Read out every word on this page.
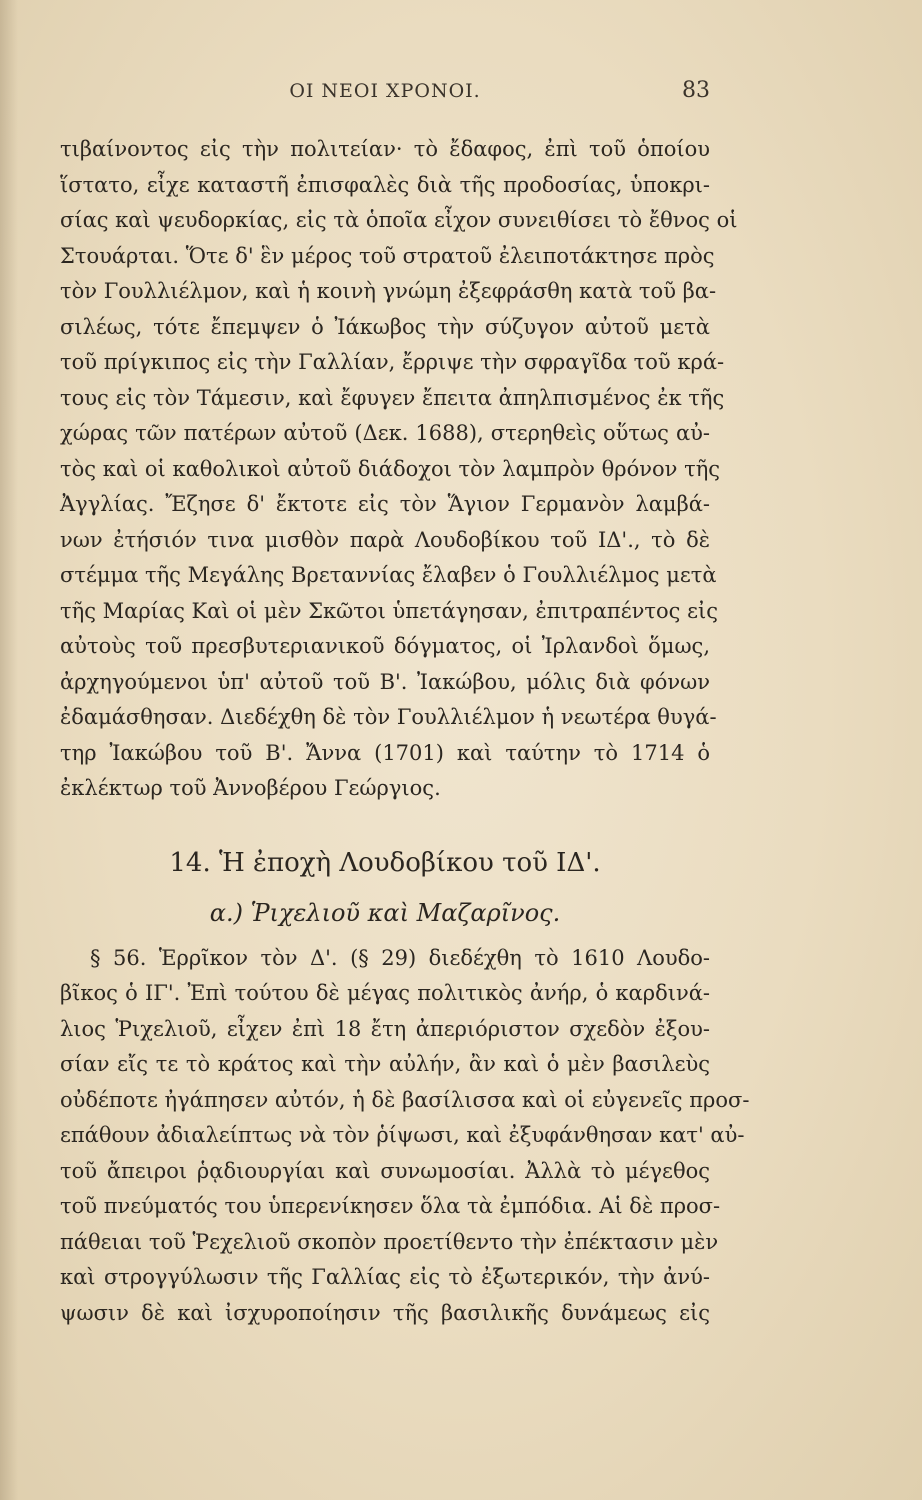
ΟΙ ΝΕΟΙ ΧΡΟΝΟΙ.	83
τιβαίνοντος εἰς τὴν πολιτείαν· τὸ ἔδαφος, ἐπὶ τοῦ ὁποίου
ἵστατο, εἶχε καταστῆ ἐπισφαλὲς διὰ τῆς προδοσίας, ὑποκρι-
σίας καὶ ψευδορκίας, εἰς τὰ ὁποῖα εἶχον συνειθίσει τὸ ἔθνος οἱ
Στουάρται. Ὅτε δ' ἓν μέρος τοῦ στρατοῦ ἐλειποτάκτησε πρὸς
τὸν Γουλλιέλμον, καὶ ἡ κοινὴ γνώμη ἐξεφράσθη κατὰ τοῦ βα-
σιλέως, τότε ἔπεμψεν ὁ Ἰάκωβος τὴν σύζυγον αὐτοῦ μετὰ
τοῦ πρίγκιπος εἰς τὴν Γαλλίαν, ἔρριψε τὴν σφραγῖδα τοῦ κρά-
τους εἰς τὸν Τάμεσιν, καὶ ἔφυγεν ἔπειτα ἀπηλπισμένος ἐκ τῆς
χώρας τῶν πατέρων αὐτοῦ (Δεκ. 1688), στερηθεὶς οὕτως αὐ-
τὸς καὶ οἱ καθολικοὶ αὐτοῦ διάδοχοι τὸν λαμπρὸν θρόνον τῆς
Ἀγγλίας. Ἔζησε δ' ἔκτοτε εἰς τὸν Ἅγιον Γερμανὸν λαμβά-
νων ἐτήσιόν τινα μισθὸν παρὰ Λουδοβίκου τοῦ ΙΔ'., τὸ δὲ
στέμμα τῆς Μεγάλης Βρεταννίας ἔλαβεν ὁ Γουλλιέλμος μετὰ
τῆς Μαρίας Καὶ οἱ μὲν Σκῶτοι ὑπετάγησαν, ἐπιτραπέντος εἰς
αὐτοὺς τοῦ πρεσβυτεριανικοῦ δόγματος, οἱ Ἰρλανδοὶ ὅμως,
ἀρχηγούμενοι ὑπ' αὐτοῦ τοῦ Β'. Ἰακώβου, μόλις διὰ φόνων
ἐδαμάσθησαν. Διεδέχθη δὲ τὸν Γουλλιέλμον ἡ νεωτέρα θυγά-
τηρ Ἰακώβου τοῦ Β'. Ἄννα (1701) καὶ ταύτην τὸ 1714 ὁ
ἐκλέκτωρ τοῦ Ἀννοβέρου Γεώργιος.
14. Ἡ ἐποχὴ Λουδοβίκου τοῦ ΙΔ'.
α.) Ῥιχελιοῦ καὶ Μαζαρῖνος.
§ 56. Ἑρρῖκον τὸν Δ'. (§ 29) διεδέχθη τὸ 1610 Λουδο-
βῖκος ὁ ΙΓ'. Ἐπὶ τούτου δὲ μέγας πολιτικὸς ἀνήρ, ὁ καρδινά-
λιος Ῥιχελιοῦ, εἶχεν ἐπὶ 18 ἔτη ἀπεριόριστον σχεδὸν ἐξου-
σίαν εἴς τε τὸ κράτος καὶ τὴν αὐλήν, ἂν καὶ ὁ μὲν βασιλεὺς
οὐδέποτε ἠγάπησεν αὐτόν, ἡ δὲ βασίλισσα καὶ οἱ εὐγενεῖς προσ-
επάθουν ἀδιαλείπτως νὰ τὸν ῥίψωσι, καὶ ἐξυφάνθησαν κατ' αὐ-
τοῦ ἄπειροι ῥᾳδιουργίαι καὶ συνωμοσίαι. Ἀλλὰ τὸ μέγεθος
τοῦ πνεύματός του ὑπερενίκησεν ὅλα τὰ ἐμπόδια. Αἱ δὲ προσ-
πάθειαι τοῦ Ῥεχελιοῦ σκοπὸν προετίθεντο τὴν ἐπέκτασιν μὲν
καὶ στρογγύλωσιν τῆς Γαλλίας εἰς τὸ ἐξωτερικόν, τὴν ἀνύ-
ψωσιν δὲ καὶ ἰσχυροποίησιν τῆς βασιλικῆς δυνάμεως εἰς
